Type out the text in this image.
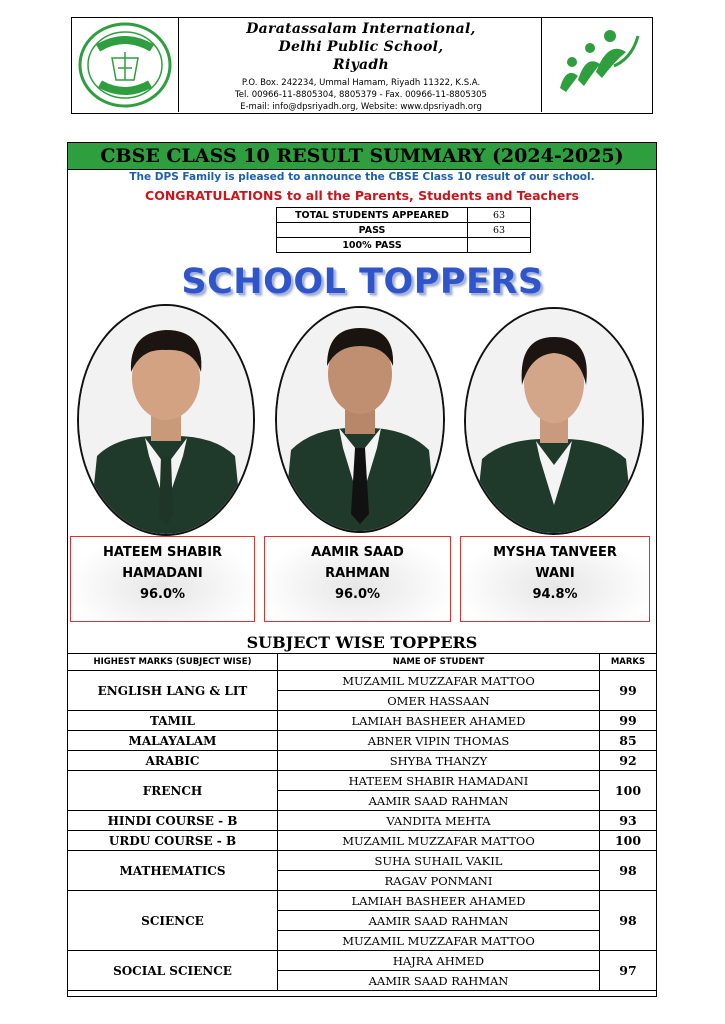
Daratassalam International,
Delhi Public School,
Riyadh
P.O. Box. 242234, Ummal Hamam, Riyadh 11322, K.S.A.
Tel. 00966-11-8805304, 8805379 - Fax. 00966-11-8805305
E-mail: info@dpsriyadh.org, Website: www.dpsriyadh.org
CBSE CLASS 10 RESULT SUMMARY (2024-2025)
The DPS Family is pleased to announce the CBSE Class 10 result of our school.
CONGRATULATIONS to all the Parents, Students and Teachers
TOTAL STUDENTS APPEARED	63
PASS	63
100% PASS	
SCHOOL TOPPERS
HATEEM SHABIR
HAMADANI
96.0%
AAMIR SAAD
RAHMAN
96.0%
MYSHA TANVEER
WANI
94.8%
SUBJECT WISE TOPPERS
HIGHEST MARKS (SUBJECT WISE)	NAME OF STUDENT	MARKS
ENGLISH LANG & LIT	MUZAMIL MUZZAFAR MATTOO	99
	OMER HASSAAN	
TAMIL	LAMIAH BASHEER AHAMED	99
MALAYALAM	ABNER VIPIN THOMAS	85
ARABIC	SHYBA THANZY	92
FRENCH	HATEEM SHABIR HAMADANI	100
	AAMIR SAAD RAHMAN	
HINDI COURSE - B	VANDITA MEHTA	93
URDU COURSE - B	MUZAMIL MUZZAFAR MATTOO	100
MATHEMATICS	SUHA SUHAIL VAKIL	98
	RAGAV PONMANI	
SCIENCE	LAMIAH BASHEER AHAMED	98
	AAMIR SAAD RAHMAN	
	MUZAMIL MUZZAFAR MATTOO	
SOCIAL SCIENCE	HAJRA AHMED	97
	AAMIR SAAD RAHMAN	
